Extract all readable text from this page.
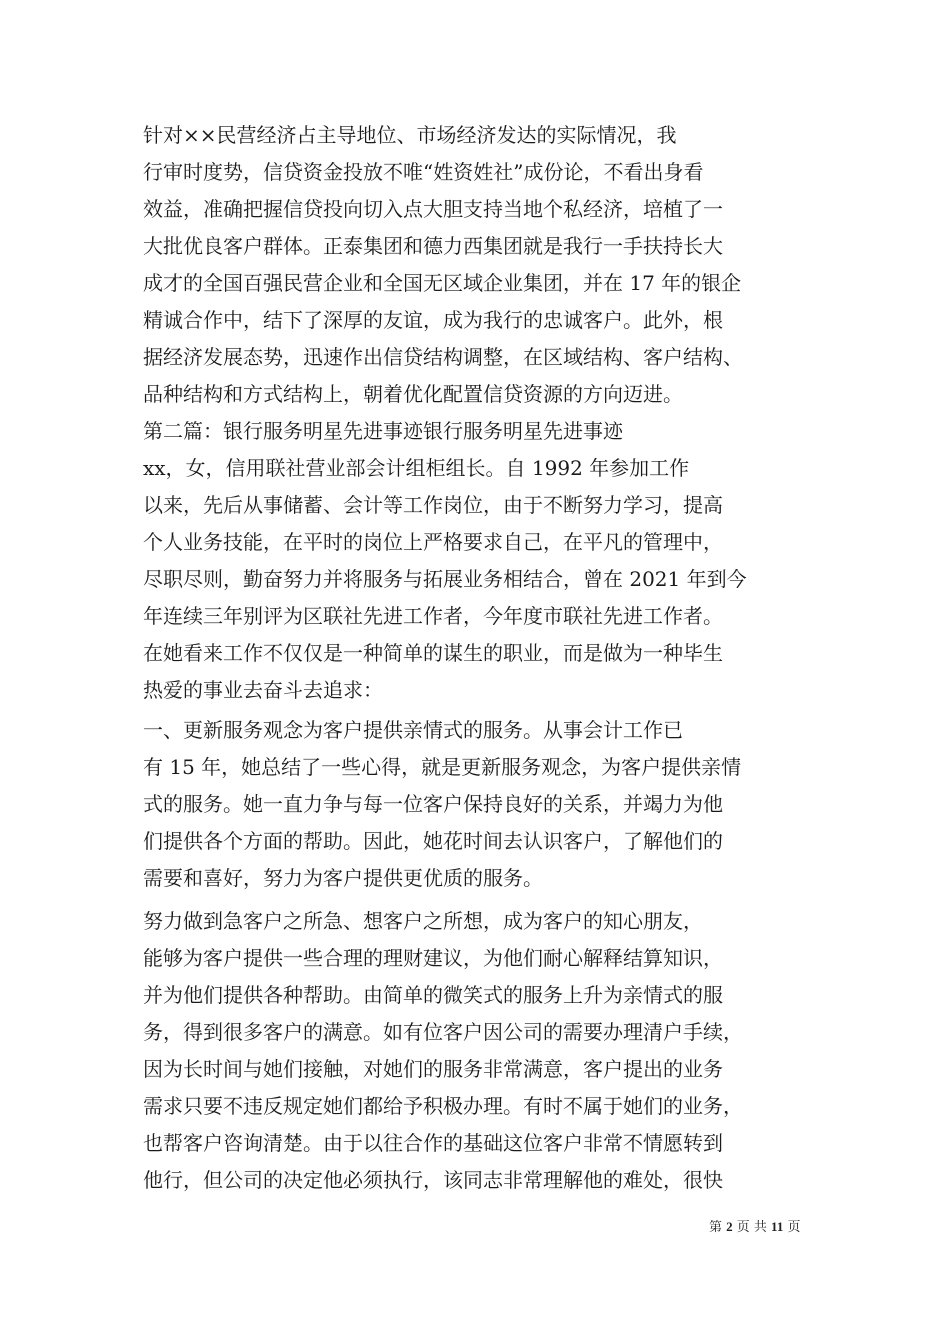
针对××民营经济占主导地位、市场经济发达的实际情况，我
行审时度势，信贷资金投放不唯“姓资姓社”成份论，不看出身看
效益，准确把握信贷投向切入点大胆支持当地个私经济，培植了一
大批优良客户群体。正泰集团和德力西集团就是我行一手扶持长大
成才的全国百强民营企业和全国无区域企业集团，并在 17 年的银企
精诚合作中，结下了深厚的友谊，成为我行的忠诚客户。此外，根
据经济发展态势，迅速作出信贷结构调整，在区域结构、客户结构、
品种结构和方式结构上，朝着优化配置信贷资源的方向迈进。
第二篇：银行服务明星先进事迹银行服务明星先进事迹
xx，女，信用联社营业部会计组柜组长。自 1992 年参加工作
以来，先后从事储蓄、会计等工作岗位，由于不断努力学习，提高
个人业务技能，在平时的岗位上严格要求自己，在平凡的管理中，
尽职尽则，勤奋努力并将服务与拓展业务相结合，曾在 2021 年到今
年连续三年别评为区联社先进工作者，今年度市联社先进工作者。
在她看来工作不仅仅是一种简单的谋生的职业，而是做为一种毕生
热爱的事业去奋斗去追求：
一、更新服务观念为客户提供亲情式的服务。从事会计工作已
有 15 年，她总结了一些心得，就是更新服务观念，为客户提供亲情
式的服务。她一直力争与每一位客户保持良好的关系，并竭力为他
们提供各个方面的帮助。因此，她花时间去认识客户，了解他们的
需要和喜好，努力为客户提供更优质的服务。
努力做到急客户之所急、想客户之所想，成为客户的知心朋友，
能够为客户提供一些合理的理财建议，为他们耐心解释结算知识，
并为他们提供各种帮助。由简单的微笑式的服务上升为亲情式的服
务，得到很多客户的满意。如有位客户因公司的需要办理清户手续，
因为长时间与她们接触，对她们的服务非常满意，客户提出的业务
需求只要不违反规定她们都给予积极办理。有时不属于她们的业务，
也帮客户咨询清楚。由于以往合作的基础这位客户非常不情愿转到
他行，但公司的决定他必须执行，该同志非常理解他的难处，很快
第 2 页 共 11 页
